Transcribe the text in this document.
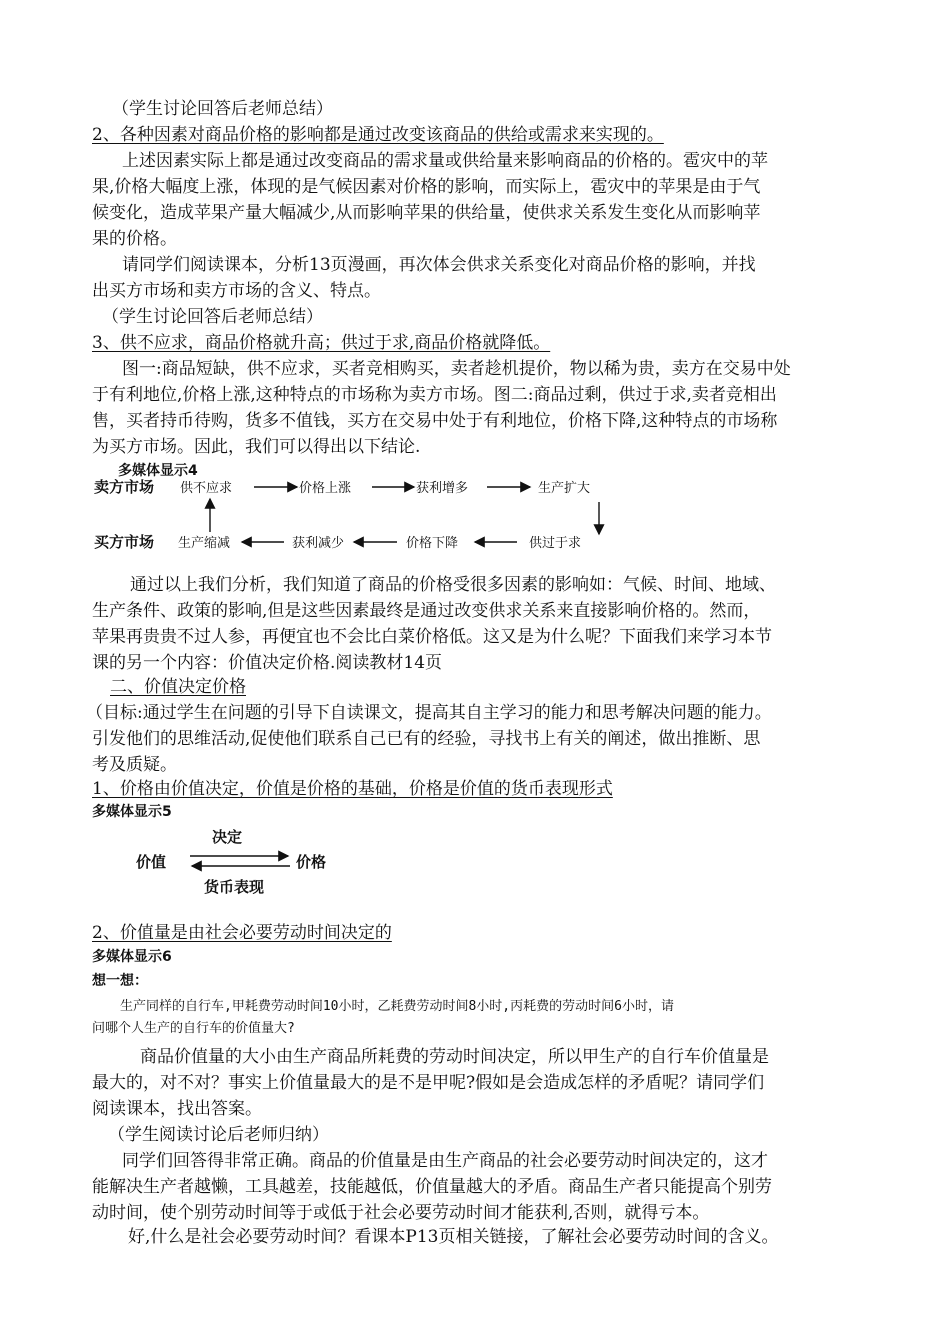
（学生讨论回答后老师总结）
2、各种因素对商品价格的影响都是通过改变该商品的供给或需求来实现的。
上述因素实际上都是通过改变商品的需求量或供给量来影响商品的价格的。雹灾中的苹
果,价格大幅度上涨，体现的是气候因素对价格的影响，而实际上，雹灾中的苹果是由于气
候变化，造成苹果产量大幅减少,从而影响苹果的供给量，使供求关系发生变化从而影响苹
果的价格。
请同学们阅读课本，分析13页漫画，再次体会供求关系变化对商品价格的影响，并找
出买方市场和卖方市场的含义、特点。
（学生讨论回答后老师总结）
3、供不应求，商品价格就升高；供过于求,商品价格就降低。
图一:商品短缺，供不应求，买者竞相购买，卖者趁机提价，物以稀为贵，卖方在交易中处
于有利地位,价格上涨,这种特点的市场称为卖方市场。图二:商品过剩，供过于求,卖者竞相出
售，买者持币待购，货多不值钱，买方在交易中处于有利地位，价格下降,这种特点的市场称
为买方市场。因此，我们可以得出以下结论.
多媒体显示4
卖方市场 供不应求	价格上涨	获利增多	生产扩大
买方市场 生产缩减	获利减少	价格下降	供过于求
通过以上我们分析，我们知道了商品的价格受很多因素的影响如：气候、时间、地域、
生产条件、政策的影响,但是这些因素最终是通过改变供求关系来直接影响价格的。然而，
苹果再贵贵不过人参，再便宜也不会比白菜价格低。这又是为什么呢？下面我们来学习本节
课的另一个内容：价值决定价格.阅读教材14页
二、价值决定价格
（目标:通过学生在问题的引导下自读课文，提高其自主学习的能力和思考解决问题的能力。
引发他们的思维活动,促使他们联系自己已有的经验，寻找书上有关的阐述，做出推断、思
考及质疑。
1、价格由价值决定，价值是价格的基础，价格是价值的货币表现形式
多媒体显示5
决定
价值	价格
货币表现
2、价值量是由社会必要劳动时间决定的
多媒体显示6
想一想：
生产同样的自行车,甲耗费劳动时间10小时，乙耗费劳动时间8小时,丙耗费的劳动时间6小时，请
问哪个人生产的自行车的价值量大?
商品价值量的大小由生产商品所耗费的劳动时间决定，所以甲生产的自行车价值量是
最大的，对不对？事实上价值量最大的是不是甲呢?假如是会造成怎样的矛盾呢？请同学们
阅读课本，找出答案。
（学生阅读讨论后老师归纳）
同学们回答得非常正确。商品的价值量是由生产商品的社会必要劳动时间决定的，这才
能解决生产者越懒，工具越差，技能越低，价值量越大的矛盾。商品生产者只能提高个别劳
动时间，使个别劳动时间等于或低于社会必要劳动时间才能获利,否则，就得亏本。
好,什么是社会必要劳动时间？看课本P13页相关链接，了解社会必要劳动时间的含义。
